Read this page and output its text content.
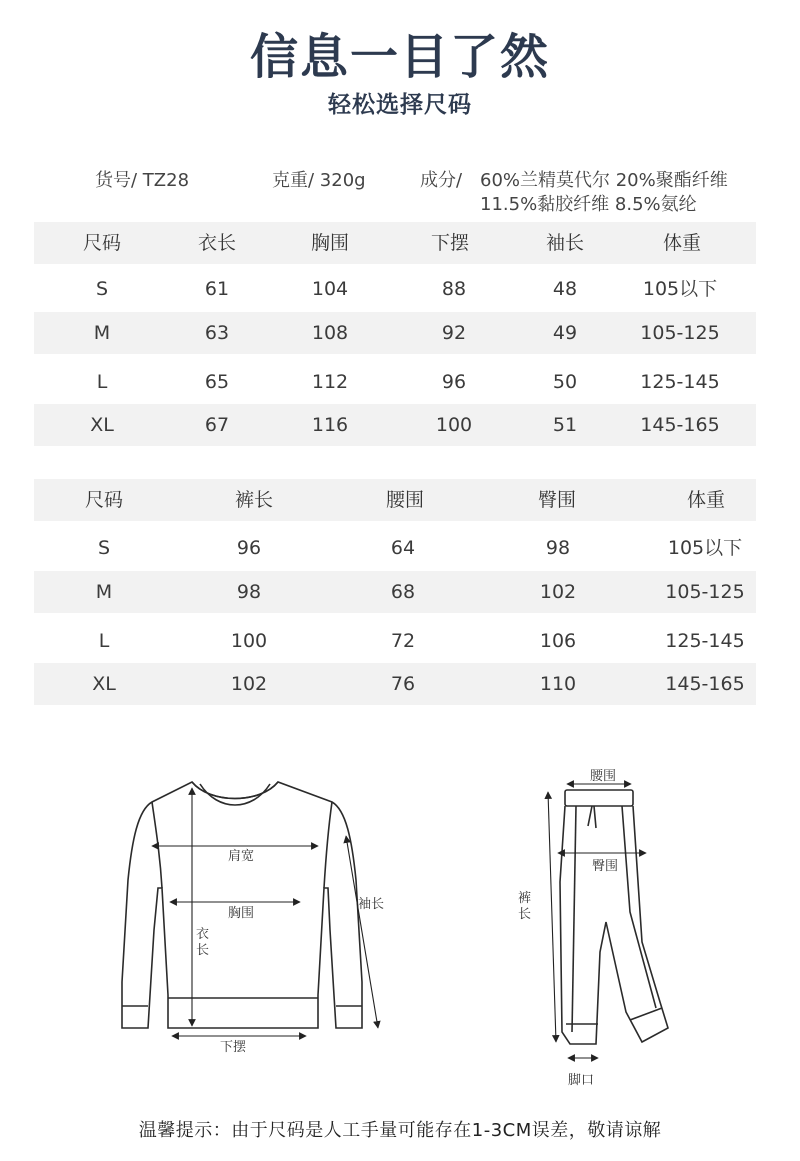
信息一目了然
轻松选择尺码
货号/ TZ28	克重/ 320g	成分/ 60%兰精莫代尔 20%聚酯纤维
11.5%黏胶纤维 8.5%氨纶
尺码	衣长	胸围	下摆	袖长	体重
S	61	104	88	48	105以下
M	63	108	92	49	105-125
L	65	112	96	50	125-145
XL	67	116	100	51	145-165
尺码	裤长	腰围	臀围	体重
S	96	64	98	105以下
M	98	68	102	105-125
L	100	72	106	125-145
XL	102	76	110	145-165
肩宽
胸围
衣
长
袖长
下摆
腰围
臀围
裤
长
脚口
温馨提示：由于尺码是人工手量可能存在1-3CM误差，敬请谅解
